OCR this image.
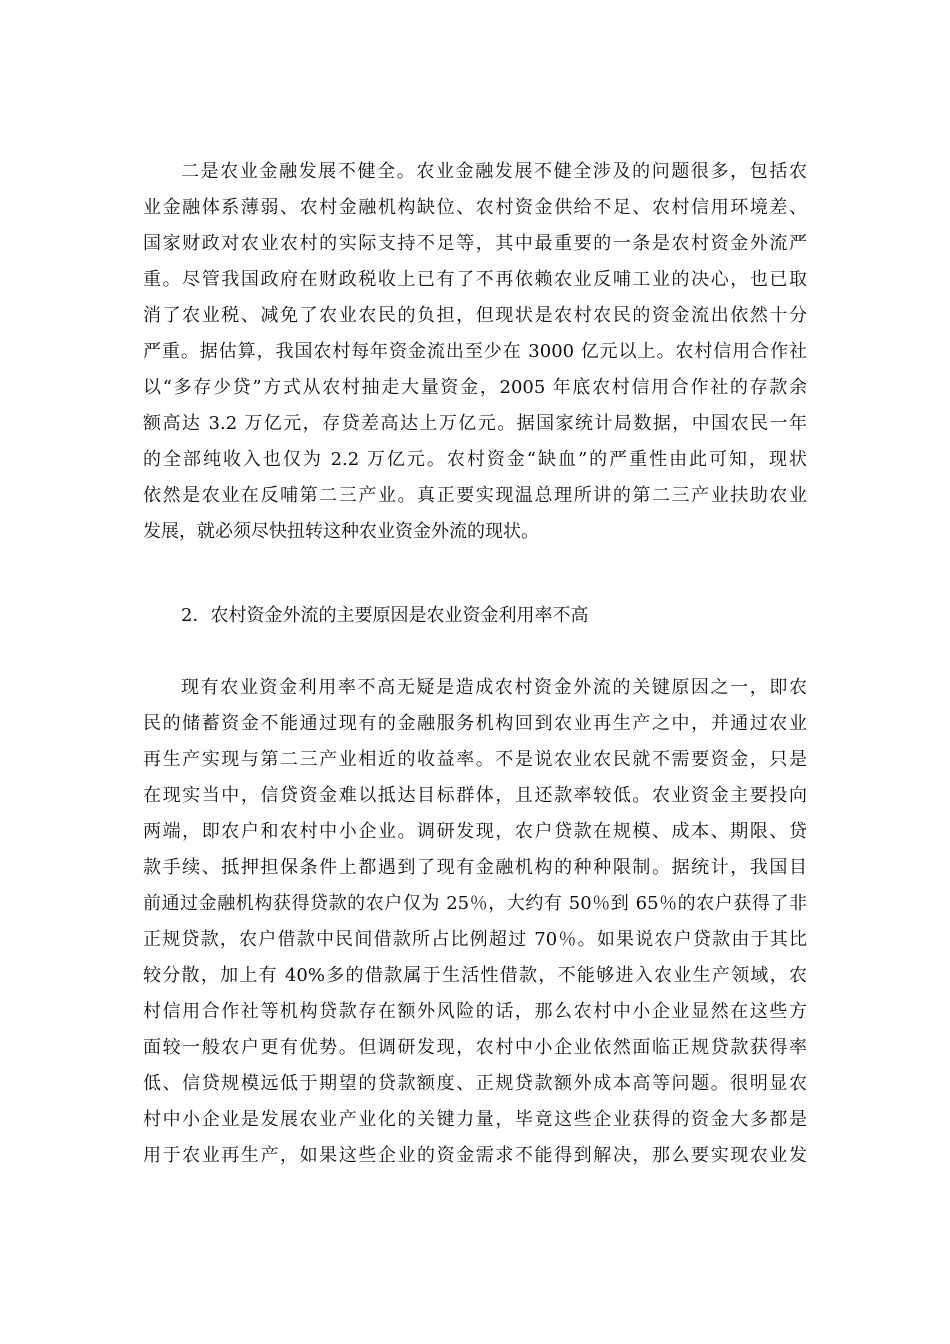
二是农业金融发展不健全。农业金融发展不健全涉及的问题很多，包括农

业金融体系薄弱、农村金融机构缺位、农村资金供给不足、农村信用环境差、

国家财政对农业农村的实际支持不足等，其中最重要的一条是农村资金外流严

重。尽管我国政府在财政税收上已有了不再依赖农业反哺工业的决心，也已取

消了农业税、减免了农业农民的负担，但现状是农村农民的资金流出依然十分

严重。据估算，我国农村每年资金流出至少在 3000 亿元以上。农村信用合作社

以“多存少贷”方式从农村抽走大量资金，2005 年底农村信用合作社的存款余

额高达 3.2 万亿元，存贷差高达上万亿元。据国家统计局数据，中国农民一年

的全部纯收入也仅为 2.2 万亿元。农村资金“缺血”的严重性由此可知，现状

依然是农业在反哺第二三产业。真正要实现温总理所讲的第二三产业扶助农业

发展，就必须尽快扭转这种农业资金外流的现状。

2．农村资金外流的主要原因是农业资金利用率不高

现有农业资金利用率不高无疑是造成农村资金外流的关键原因之一，即农

民的储蓄资金不能通过现有的金融服务机构回到农业再生产之中，并通过农业

再生产实现与第二三产业相近的收益率。不是说农业农民就不需要资金，只是

在现实当中，信贷资金难以抵达目标群体，且还款率较低。农业资金主要投向

两端，即农户和农村中小企业。调研发现，农户贷款在规模、成本、期限、贷

款手续、抵押担保条件上都遇到了现有金融机构的种种限制。据统计，我国目

前通过金融机构获得贷款的农户仅为 25％，大约有 50％到 65％的农户获得了非

正规贷款，农户借款中民间借款所占比例超过 70％。如果说农户贷款由于其比

较分散，加上有 40%多的借款属于生活性借款，不能够进入农业生产领域，农

村信用合作社等机构贷款存在额外风险的话，那么农村中小企业显然在这些方

面较一般农户更有优势。但调研发现，农村中小企业依然面临正规贷款获得率

低、信贷规模远低于期望的贷款额度、正规贷款额外成本高等问题。很明显农

村中小企业是发展农业产业化的关键力量，毕竟这些企业获得的资金大多都是

用于农业再生产，如果这些企业的资金需求不能得到解决，那么要实现农业发
